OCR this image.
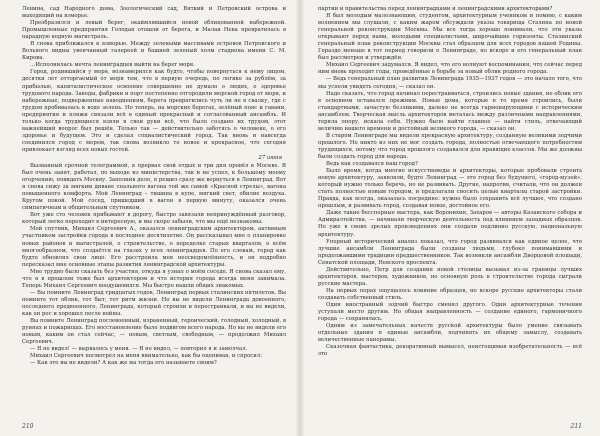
Ленина, сад Народного дома, Зоологический сад, Вяткий и Петровский острова и выходящий на взморье.

Преобразился и левый берег, окаймлявшийся новой облицованной набережной. Промышленные предприятия Голодая отошли от берега, и Малая Нева превратилась в парадную водную магистраль.

Я снова приближался к взморью. Между зелеными массивами островов Петровского и Вольного видны увенчанный галереей и башней зеленый холм стадиона имени С. М. Кирова.

…Исполнилась мечта ленинградцев выйти на берег моря.

Город, родившийся у моря, вознамерился как будто, чтобы повернуться к нему лицом, десятки лет отторгаемый от моря тем, что в первую очередь, по логике за рублём, за прибылью, капиталистическое освоение совершенно не думало о людях, о здоровье трудового народа. Заводы, фабрики и порт постепенно отгородили морской город от моря, и набережные, подверженные наводнениям, берега превратились чуть ли не в свалку, где с трудом пробивалась к воде зелень. Но теперь, на морских берегах, зелёный пояс и гавани, предприятия и пляжи связали всё в единый прекрасный и согласованный ансамбль. И только когда трудящиеся взяли в свои руки всё, что было создано их трудом, этот важнейший вопрос был решён. Только так — действительно заботясь о человеке, о его здоровье и будущем. Это и сделал социалистический город. Так вновь и навсегда соединился город с морем, так снова возникло то новое и прекрасное, что сегодня привлекает взгляд всех новых гостей.

27 июня

Вызванный срочной телеграммой, я прервал свой отдых и три дня провёл в Москве. Я был очень занят, работал, по выходе из министерства, так и не успел, к большому моему огорчению, повидать Москву. Заполнив дело, я решил сразу же вернуться в Ленинград. Вот я снова сижу за мягким диване спального вагона той же самой «Красной стрелы», вагона повышенного комфорта. Мой Ленинград – тишина в купе, мягкий свет, обилие воздуха. Кругом покой. Мой сосед, пришедший в вагон в первую минуту, оказался очень симпатичным и общительным спутником.

Вот уже сто человек прибывают в дорогу, быстро завязали непринуждённый разговор, который легко переходит в интересную, и мы скоро забыли, что мы ещё незнакомы.

Мой спутник, Михаил Сергеевич А., оказался ленинградским архитектором, активным участником застройки города в последнее десятилетие. Он рассказывал мне о планировке новых районов и магистралей, о строительстве, о переделке старых кварталов, о всём многообразном, что создаётся на глазах у всех ленинградцев. По его словам, город как будто обновлял свои лицо. Его расстроила моя неосведомлённость, и он подробно пересказал мне основные этапы развития ленинградской архитектуры.

Мне трудно было сказать без участия, откуда я узнал о моём соседе. Я снова сказал ему, что я в прошлом тоже был архитектором и что история города всегда меня занимала. Теперь Михаил Сергеевич воодушевился. Мы быстро нашли общих знакомых.

— Вы помните Ленинград тридцатых годов, Ленинград первых сталинских пятилеток. Вы помните тот облик, тот быт, тот ритм жизни. Но вы не видели Ленинграда довоенного, последнего предвоенного, Ленинграда, который строили и перестраивали, и вы не видели, как он рос и хорошел после войны.

Вы помните Ленинград послевоенный, израненный, героический, голодный, холодный, в руинах и пожарищах. Его восстановление было подвигом всего народа. Но вы не видели его новым, каким он стал сейчас, — новым, светлым, свободным, — продолжил Михаил Сергеевич.

— Я не видел! — вырвалось у меня. — Я не видел, — повторил я и замолчал.

Михаил Сергеевич посмотрел на меня внимательно, как бы оценивая, и спросил:

— Как это вы не видели? А как же вы тогда его называете своим?

210

партии и правительства перед ленинградцами и ленинградскими архитекторами?

Я был молодым малознающим, студентом, архитектурным учеником и помню, с каким волнением мы слушали, с каким жаром обсуждали указы товарища Сталина по новой генеральной реконструкции Москвы. Мы все тогда хорошо понимали, что эти указы открывают перед нами, молодыми специалистами, широчайшие горизонты. Сталинский генеральный план реконструкции Москвы стал образцом для всех городов нашей Родины. Гораздо меньше в тот период говорили о Ленинграде, но вскоре и его генеральный план был рассмотрен и утверждён.

Михаил Сергеевич задумался. Я видел, что его волнуют воспоминания, что сейчас перед ним вновь проходят годы, проведённые в борьбе за новый облик родного города.

— Ведь генеральный план развития Ленинграда 1935—1937 годов — это начало того, что мы успели увидеть сегодня, — сказал он.

Надо сказать, что город начинал перестраиваться, строились новые здания, но облик его в основном оставался прежним. Новые дома, которые в то время строились, были стандартными, зачастую безликими, далеко не всегда гармонирующими с историческим ансамблем. Творческая мысль архитекторов металась между различными направлениями, теряла опору, искала себя. Нужно было найти главное — найти стиль, отвечающий величию нашего времени и достойный великого города, — сказал он.

В старом Ленинграде мы видели прекрасную архитектуру, созданную великими зодчими прошлого. Но никто из них не мог создать города, полностью отвечающего потребностям трудящихся, потому что город прошлого создавался для правящих классов. Мы же должны были создать город для народа.

Ведь как создавался наш город?

Было время, когда многие искусствоведы и архитекторы, которые пробовали строить новую архитектуру, заявляли, будто Ленинград — это город без будущего, «город-музей», который нужно только беречь, но не развивать. Другие, напротив, считали, что он должен стать полностью новым городом, и предлагали сносить целые кварталы старой застройки. Правда, как всегда, оказалась посредине: нужно было сохранить всё лучшее, что создано прошлым, и развивать город, создавая новое, достойное его.

Даже такие бесспорные мастера, как Воронихин, Захаров — авторы Казанского собора и Адмиралтейства, — начинали творческую деятельность под влиянием западных образцов. Но уже в своих зрелых произведениях они создали подлинно русскую, национальную архитектуру.

Упорный исторический анализ показал, что город развивался как единое целое, что лучшие ансамбли Ленинграда были созданы людьми, глубоко понимавшими и продолжавшими традиции предшественников. Так возникли ансамбли Дворцовой площади, Сенатской площади, Невского проспекта.

Действительно, Петр для создания новой столицы вызывал из-за границы лучших архитекторов, мастеров, художников, но основную роль в строительстве города сыграли русские мастера.

На первых порах ощущалось влияние образцов, но вскоре русские архитекторы стали создавать собственный стиль.

Один иностранный зодчий быстро сменял другого. Одни архитектурные течения уступали место другим. Но общая направленность — создание единого, гармоничного города — сохранялась.

Одним из замечательных качеств русской архитектуры было умение связывать отдельные здания в единые ансамбли, подчинять их общему замыслу, создавать величественные панорамы.

Сказочная фантастика, декоративный вымысел, неистощимая изобретательность — всё это

211
